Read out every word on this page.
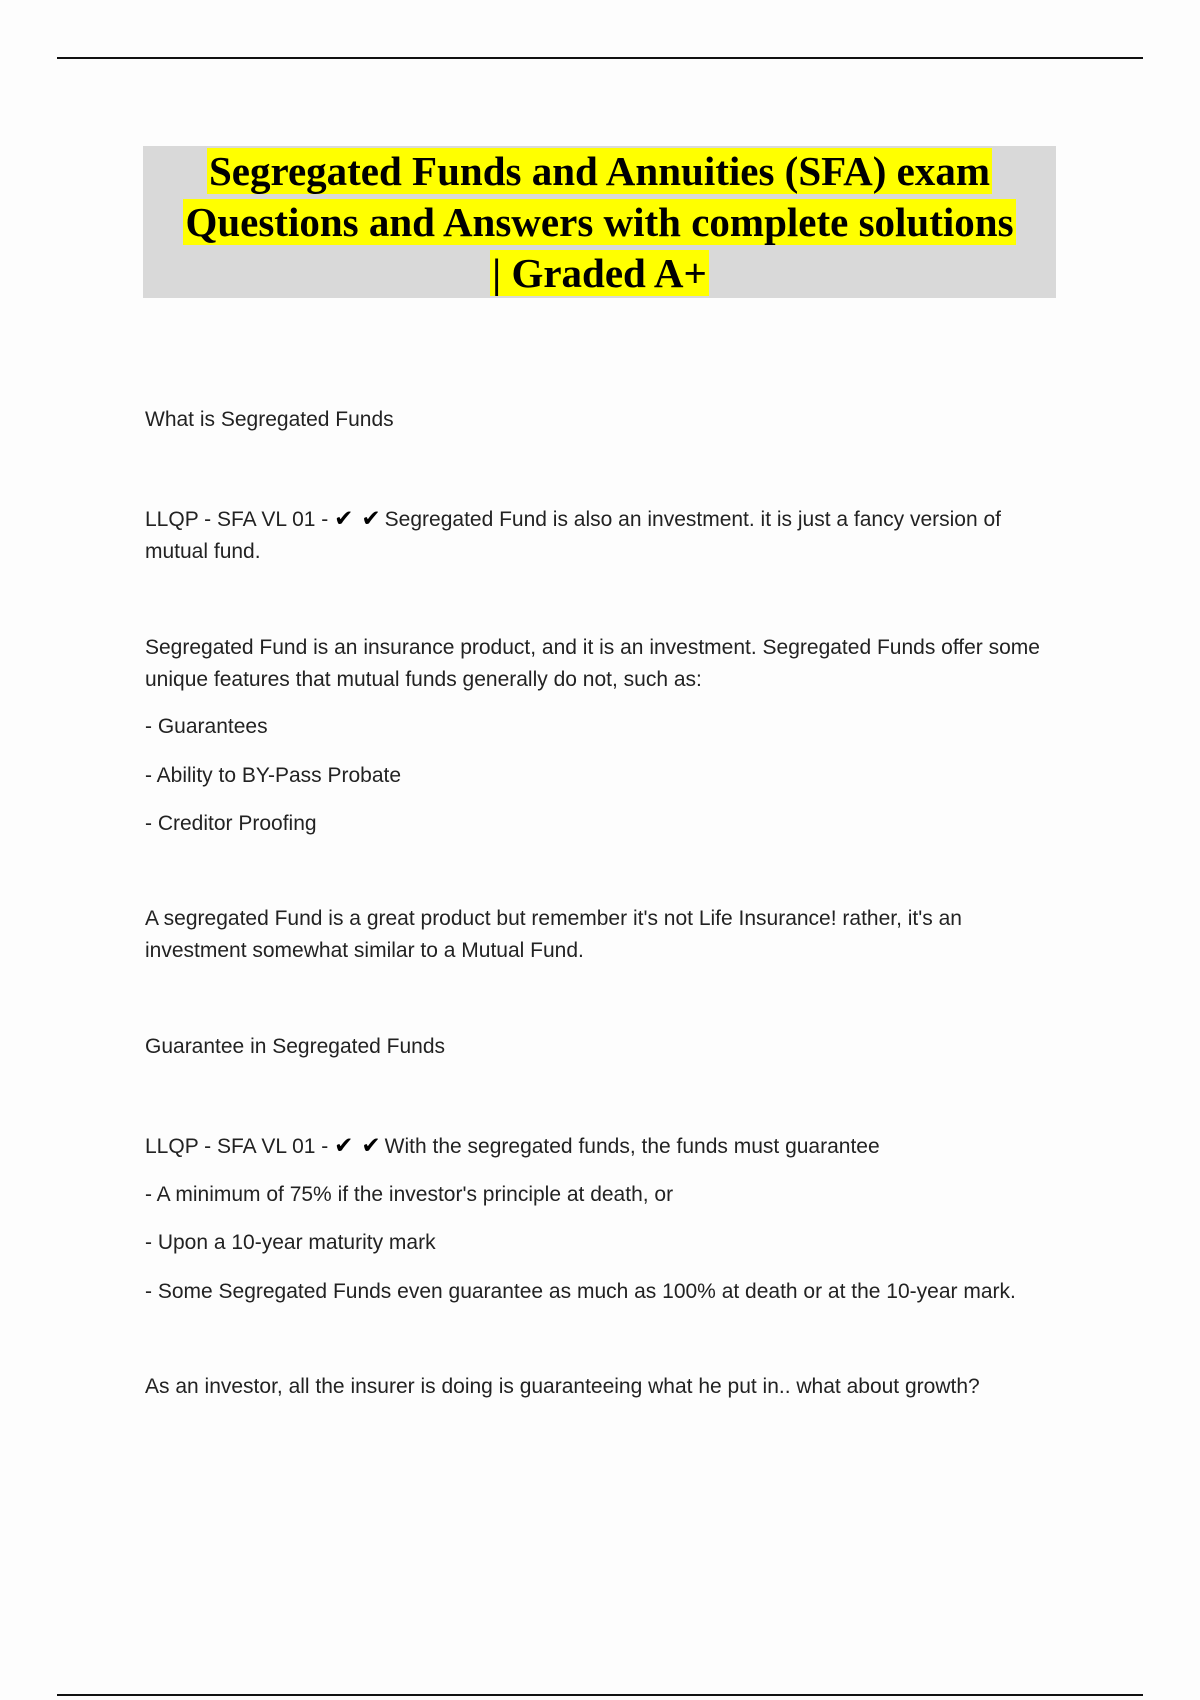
Segregated Funds and Annuities (SFA) exam
Questions and Answers with complete solutions
| Graded A+

What is Segregated Funds

LLQP - SFA VL 01 - ✔ ✔ Segregated Fund is also an investment. it is just a fancy version of mutual fund.

Segregated Fund is an insurance product, and it is an investment. Segregated Funds offer some unique features that mutual funds generally do not, such as:

- Guarantees

- Ability to BY-Pass Probate

- Creditor Proofing

A segregated Fund is a great product but remember it's not Life Insurance! rather, it's an investment somewhat similar to a Mutual Fund.

Guarantee in Segregated Funds

LLQP - SFA VL 01 - ✔ ✔ With the segregated funds, the funds must guarantee

- A minimum of 75% if the investor's principle at death, or

- Upon a 10-year maturity mark

- Some Segregated Funds even guarantee as much as 100% at death or at the 10-year mark.

As an investor, all the insurer is doing is guaranteeing what he put in.. what about growth?
